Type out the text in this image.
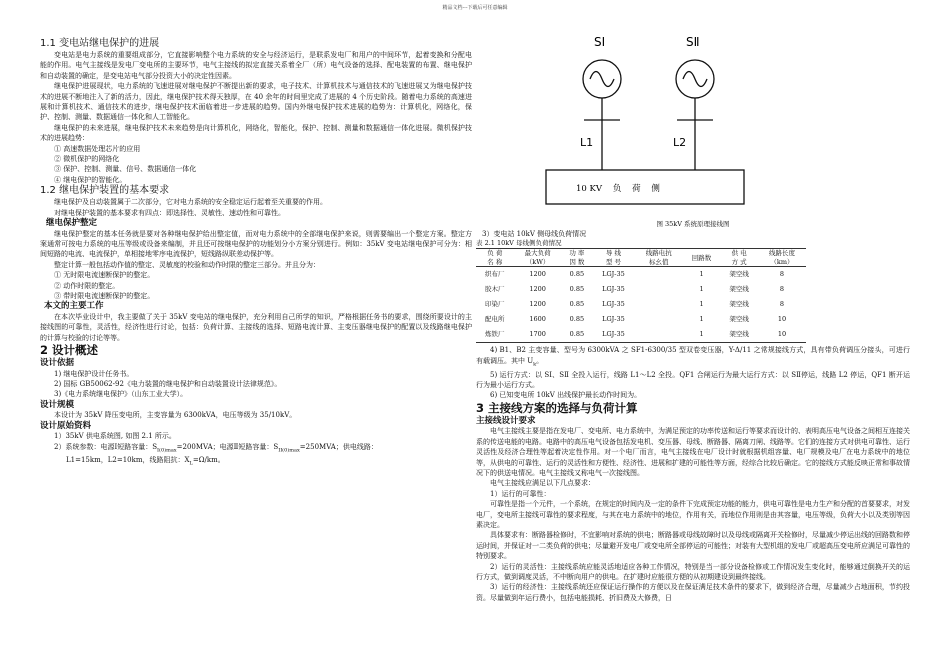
精品文档---下载后可任意编辑

1.1 变电站继电保护的进展

变电站是电力系统的重要组成部分，它直接影响整个电力系统的安全与经济运行，是联系发电厂和用户的中间环节，起着变换和分配电能的作用。电气主接线是发电厂变电所的主要环节，电气主接线的拟定直接关系着全厂（所）电气设备的选择、配电装置的布置、继电保护和自动装置的确定，是变电站电气部分投资大小的决定性因素。

继电保护进展现状，电力系统的飞速进展对继电保护不断提出新的要求，电子技术、计算机技术与通信技术的飞速进展又为继电保护技术的进展不断地注入了新的活力，因此，继电保护技术得天独厚，在 40 余年的时间里完成了进展的 4 个历史阶段。随着电力系统的高速进展和计算机技术、通信技术的进步，继电保护技术面临着进一步进展的趋势。国内外继电保护技术进展的趋势为：计算机化，网络化，保护、控制、测量、数据通信一体化和人工智能化。

继电保护的未来进展，继电保护技术未来趋势是向计算机化，网络化，智能化，保护、控制、测量和数据通信一体化进展。微机保护技术的进展趋势：

① 高速数据处理芯片的应用

② 微机保护的网络化

③ 保护、控制、测量、信号、数据通信一体化

④ 继电保护的智能化。

1.2 继电保护装置的基本要求

继电保护及自动装置属于二次部分，它对电力系统的安全稳定运行起着至关重要的作用。

对继电保护装置的基本要求有四点：即选择性、灵敏性、速动性和可靠性。

继电保护整定

继电保护整定的基本任务就是要对各种继电保护给出整定值，而对电力系统中的全部继电保护来说，则需要编出一个整定方案。整定方案通常可按电力系统的电压等级或设备来编制，并且还可按继电保护的功能划分小方案分别进行。例如：35kV 变电站继电保护可分为：相间短路的电流、电流保护，单相接地零序电流保护，短线路纵联差动保护等。

整定计算一般包括动作值的整定、灵敏度的校验和动作时限的整定三部分。并且分为：

① 无时限电流速断保护的整定。

② 动作时限的整定。

③ 带时限电流速断保护的整定。

本文的主要工作

在本次毕业设计中，我主要做了关于 35kV 变电站的继电保护，充分利用自己所学的知识，严格根据任务书的要求，围绕所要设计的主接线图的可靠性，灵活性，经济性进行讨论，包括：负荷计算、主接线的选择、短路电流计算、主变压器继电保护的配置以及线路继电保护的计算与校验的讨论等等。

2 设计概述

设计依据

1) 继电保护设计任务书。

2) 国标 GB50062-92《电力装置的继电保护和自动装置设计法律规范》。

3)《电力系统继电保护》（山东工业大学）。

设计规模

本设计为 35kV 降压变电所，主变容量为 6300kVA，电压等级为 35/10kV。

设计原始资料

1）35kV 供电系统图, 如图 2.1 所示。

2）系统参数：电源Ⅰ短路容量：$S_{I(0)max}=200MVA$；电源Ⅱ短路容量：$S_{II(0)max}=250MVA$；供电线路：

L1=15km，L2=10km，线路阻抗：$X_L=\Omega/km$。

SⅠ
L1
SⅡ
L2
10 KV    负    荷    侧

图 35kV 系统原理接线图

3）变电站 10kV 侧母线负荷情况

表 2.1 10kV 母线侧负荷情况

负 荷	最大负荷	功 率	导 线	线路电抗	回路数	供 电	线路长度
名 称	（kW）	因 数	型 号	标幺值		方 式	（km）
织布厂	1200	0.85	LGJ-35		1	架空线	8
胶木厂	1200	0.85	LGJ-35		1	架空线	8
印染厂	1200	0.85	LGJ-35		1	架空线	8
配电所	1600	0.85	LGJ-35		1	架空线	10
炼铁厂	1700	0.85	LGJ-35		1	架空线	10

4) B1、B2 主变容量、型号为 6300kVA 之 SF1-6300/35 型双卷变压器，Y-Δ/11 之常规接线方式，具有带负荷调压分接头，可进行有载调压。其中 $U_k$。

5) 运行方式：以 SⅠ、SⅡ 全投入运行，线路 L1～L2 全投。QF1 合闸运行为最大运行方式：以 SⅡ停运，线路 L2 停运，QF1 断开运行为最小运行方式。

6) 已知变电所 10kV 出线保护最长动作时间为。

3 主接线方案的选择与负荷计算

主接线设计要求

电气主接线主要是指在发电厂、变电所、电力系统中，为满足预定的功率传送和运行等要求而设计的、表明高压电气设备之间相互连接关系的传送电能的电路。电路中的高压电气设备包括发电机、变压器、母线、断路器、隔离刀闸、线路等。它们的连接方式对供电可靠性、运行灵活性及经济合理性等起着决定性作用。对一个电厂而言，电气主接线在电厂设计时就根据机组容量、电厂规模及电厂在电力系统中的地位等，从供电的可靠性、运行的灵活性和方便性、经济性、进展和扩建的可能性等方面，经综合比较后确定。它的接线方式能反映正常和事故情况下的供送电情况。电气主接线又称电气一次接线图。

电气主接线应满足以下几点要求：

1）运行的可靠性：

可靠性是指一个元件，一个系统，在规定的时间内及一定的条件下完成预定功能的能力，供电可靠性是电力生产和分配的首要要求，对发电厂，变电所主接线可靠性的要求程度，与其在电力系统中的地位，作用有关，而地位作用则是由其容量，电压等级，负荷大小以及类别等因素决定。

具体要求有：断路器检修时，不宜影响对系统的供电；断路器或母线故障时以及母线或隔离开关检修时，尽量减少停运出线的回路数和停运时间，并保证对一二类负荷的供电；尽量避开发电厂或变电所全部停运的可能性；对装有大型机组的发电厂或超高压变电所应满足可靠性的特别要求。

2）运行的灵活性：主接线系统应能灵活地适应各种工作情况，特别是当一部分设备检修或工作情况发生变化时，能够通过倒换开关的运行方式，做到调度灵活，不中断向用户的供电。在扩建时应能很方便的从初期建设到最终接线。

3）运行的经济性：主接线系统还应保证运行操作的方便以及在保证满足技术条件的要求下，做到经济合理，尽量减少占地面积，节约投资。尽量做到年运行费小，包括电能损耗、折旧费及大修费，日
